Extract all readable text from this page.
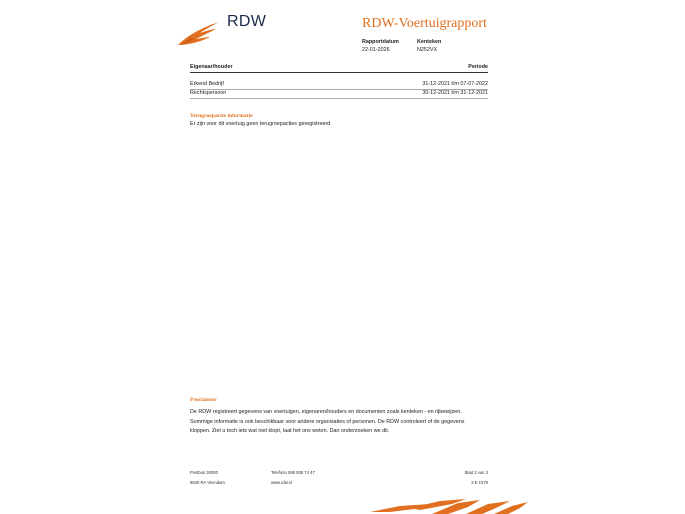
RDW	RDW-Voertuigrapport
Rapportdatum
22-01-2026
Kenteken
N252VX
Eigenaar/houder	Periode
Erkend Bedrijf	31-12-2021 t/m 07-07-2022
Rechtspersoon	30-12-2021 t/m 31-12-2021
Terugroepactie informatie
Er zijn voor dit voertuig geen terugroepacties geregistreerd
Proclaimer
De RDW registreert gegevens van voertuigen, eigenaren/houders en documenten zoals kenteken - en rijbewijzen.
Sommige informatie is ook beschikbaar voor andere organisaties of personen. De RDW controleert of de gegevens
kloppen. Ziet u toch iets wat niet klopt, laat het ons weten. Dan onderzoeken we dit.
Postbus 30000
9640 RA Veendam
Telefoon 088 008 74 47
www.rdw.nl
Blad 3 van 3
3 E 1079
